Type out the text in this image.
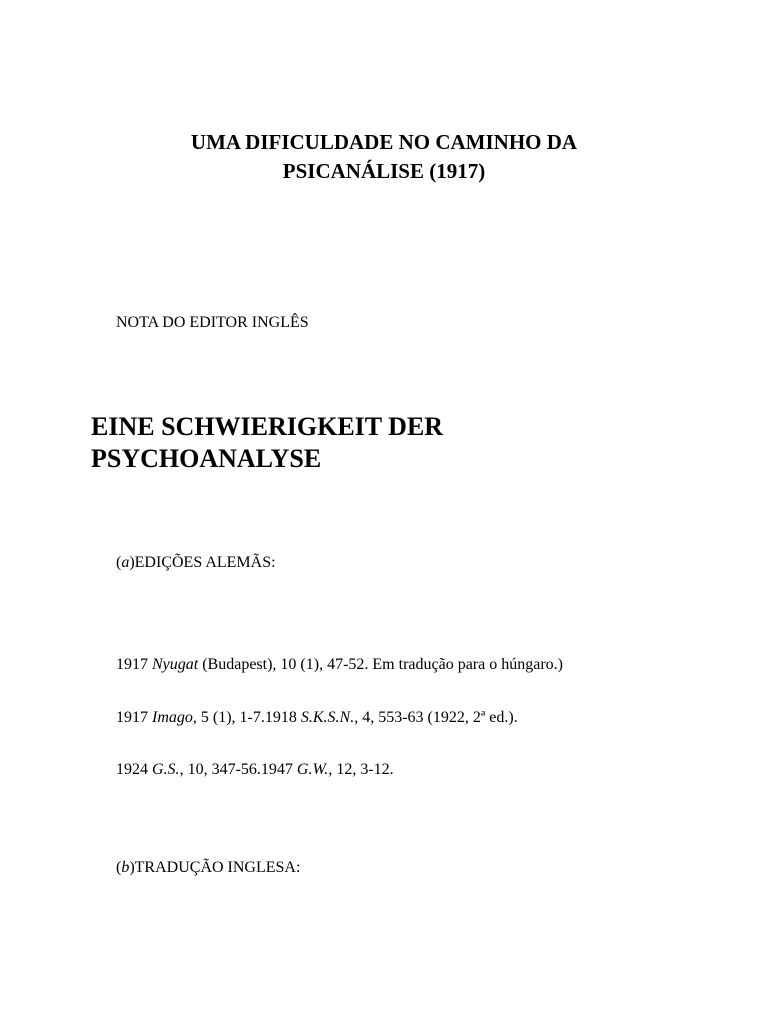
UMA DIFICULDADE NO CAMINHO DA
PSICANÁLISE (1917)

NOTA DO EDITOR INGLÊS

EINE SCHWIERIGKEIT DER
PSYCHOANALYSE

(a)EDIÇÕES ALEMÃS:

1917 Nyugat (Budapest), 10 (1), 47-52. Em tradução para o húngaro.)

1917 Imago, 5 (1), 1-7.1918 S.K.S.N., 4, 553-63 (1922, 2ª ed.).

1924 G.S., 10, 347-56.1947 G.W., 12, 3-12.

(b)TRADUÇÃO INGLESA:
